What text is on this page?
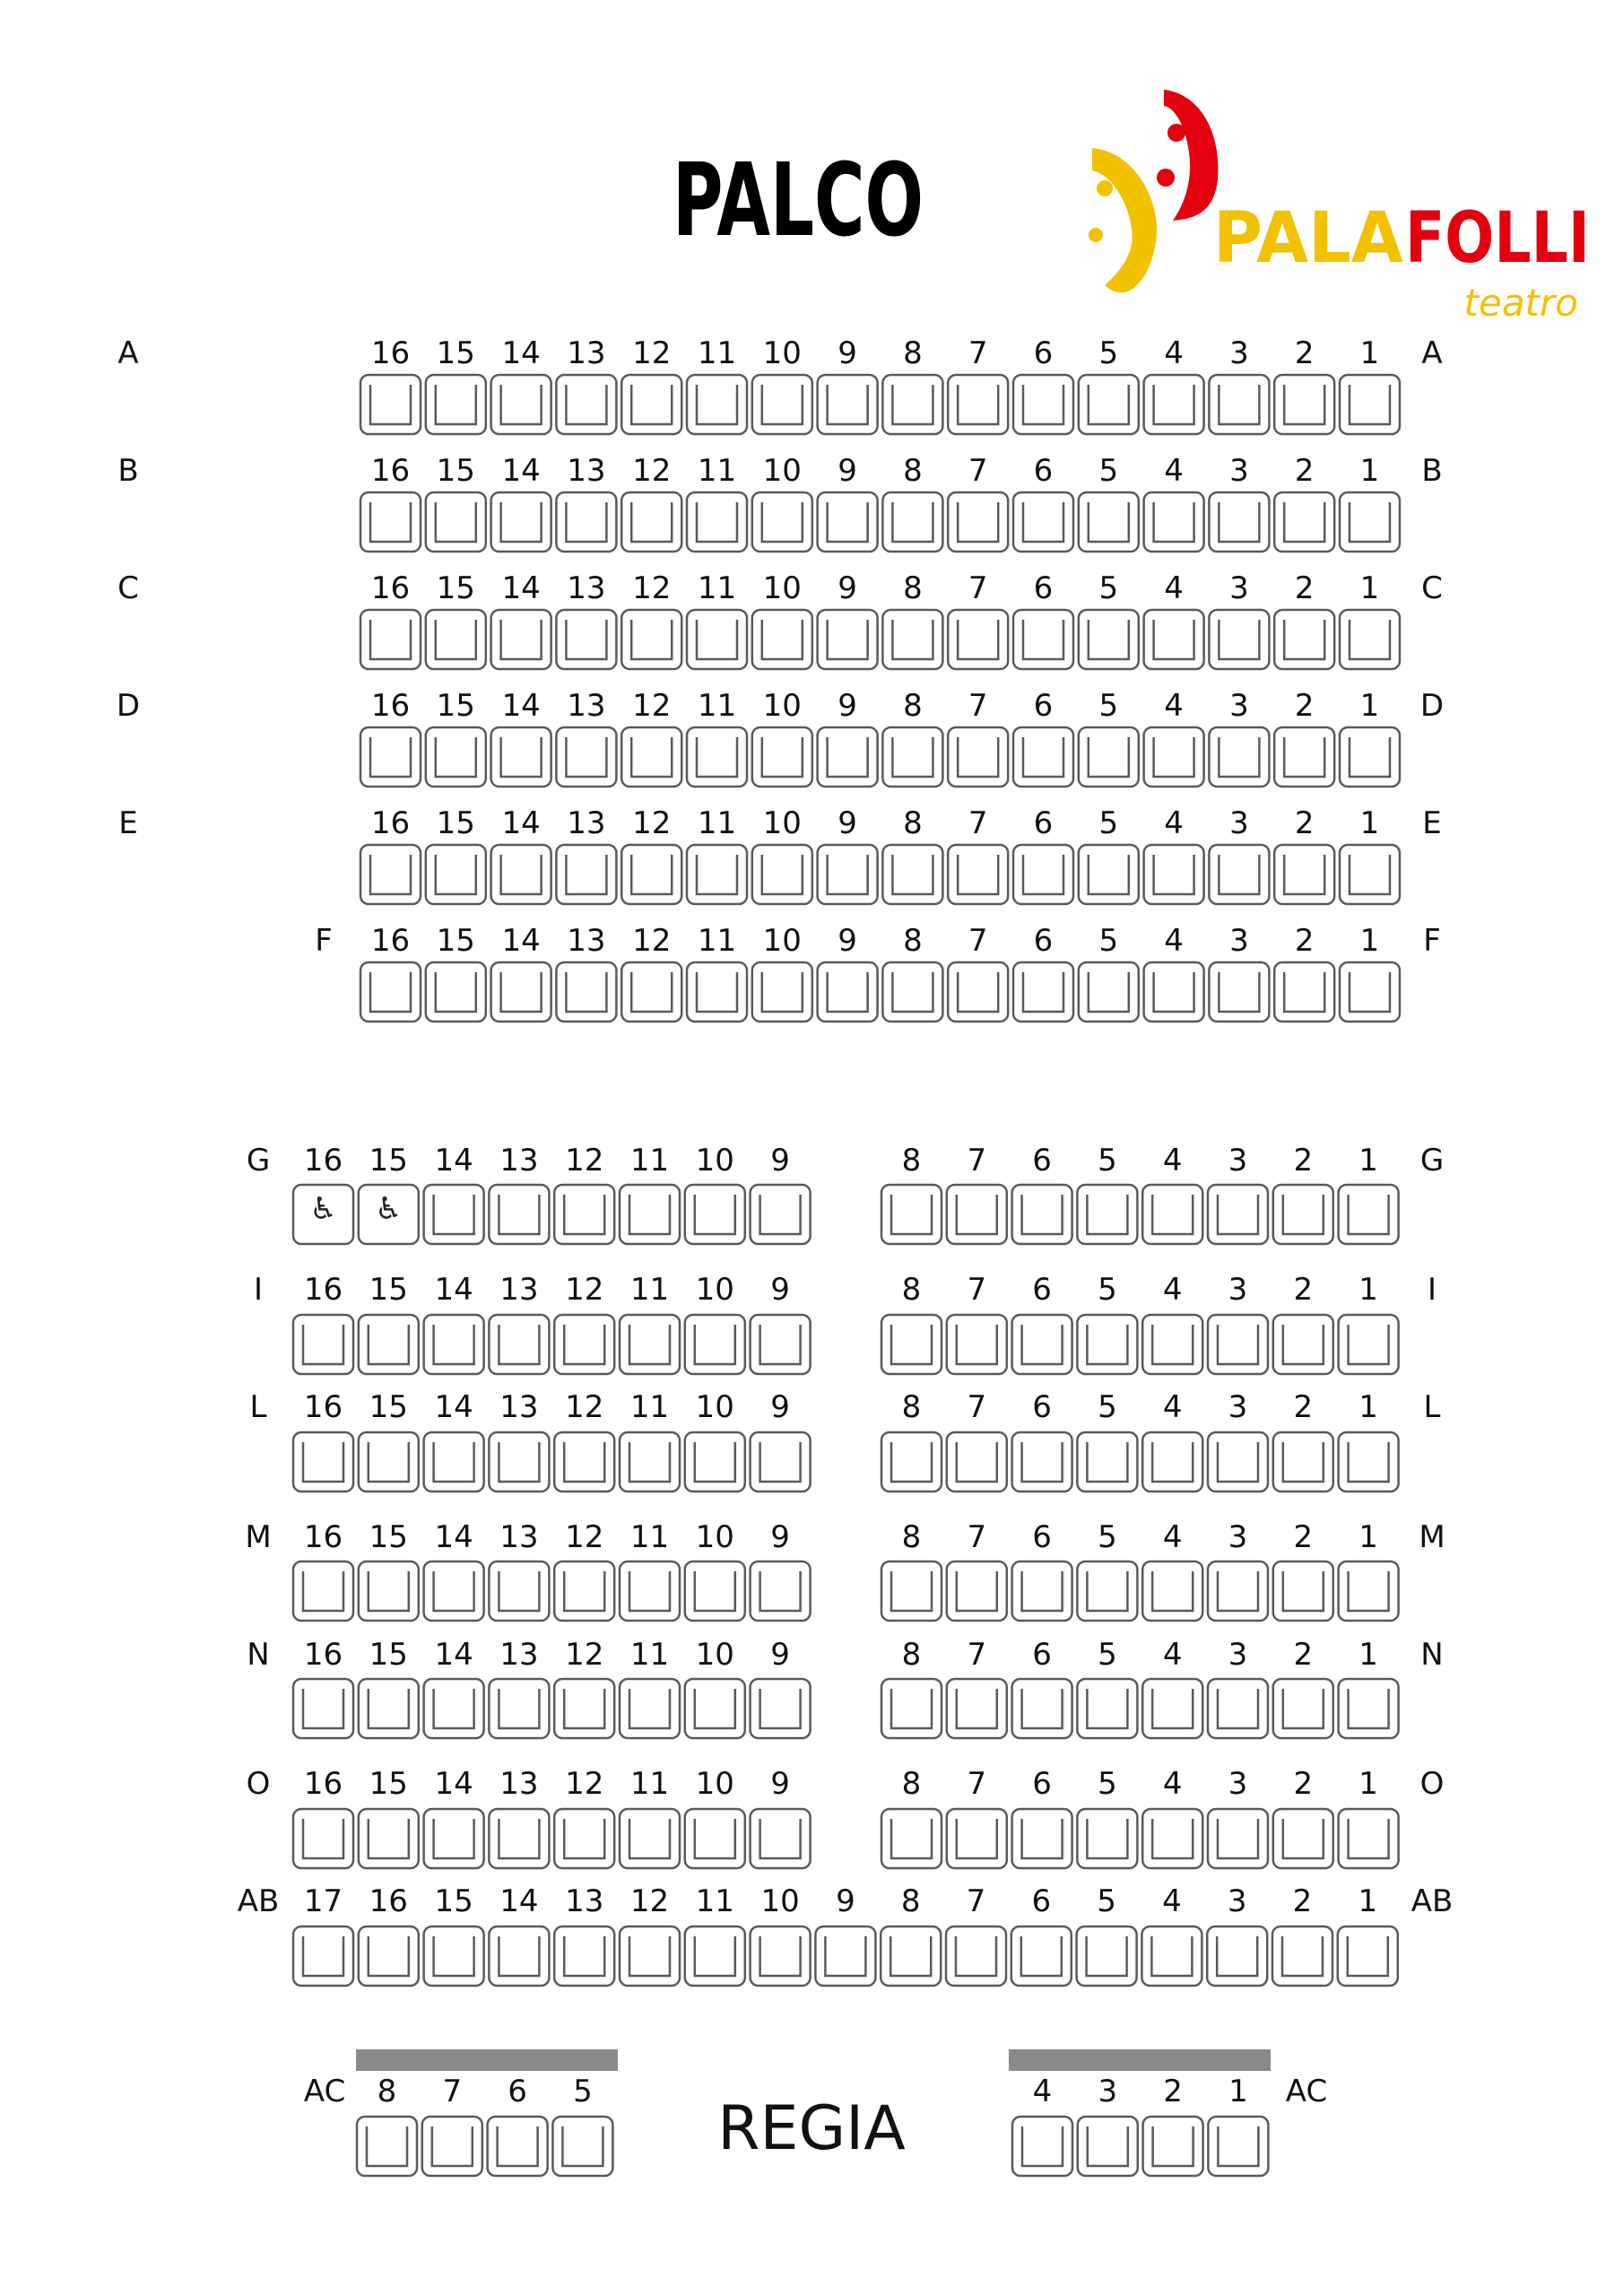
PALCO	PALA FOLLI
teatro
REGIA
A	A
16 15 14 13 12 11 10 9 8 7 6 5 4 3 2 1
B	B
16 15 14 13 12 11 10 9 8 7 6 5 4 3 2 1
C	C
16 15 14 13 12 11 10 9 8 7 6 5 4 3 2 1
D	D
16 15 14 13 12 11 10 9 8 7 6 5 4 3 2 1
E	E
16 15 14 13 12 11 10 9 8 7 6 5 4 3 2 1
F	F
16 15 14 13 12 11 10 9 8 7 6 5 4 3 2 1
G	G
16
♿
15
♿
14 13 12 11 10 9	8 7 6 5 4 3 2 1
I	I
16 15 14 13 12 11 10 9	8 7 6 5 4 3 2 1
L	L
16 15 14 13 12 11 10 9	8 7 6 5 4 3 2 1
M	M
16 15 14 13 12 11 10 9	8 7 6 5 4 3 2 1
N	N
16 15 14 13 12 11 10 9	8 7 6 5 4 3 2 1
O	O
16 15 14 13 12 11 10 9	8 7 6 5 4 3 2 1
AB	AB
17 16 15 14 13 12 11 10 9 8 7 6 5 4 3 2 1
AC	AC
8 7 6 5	4 3 2 1
